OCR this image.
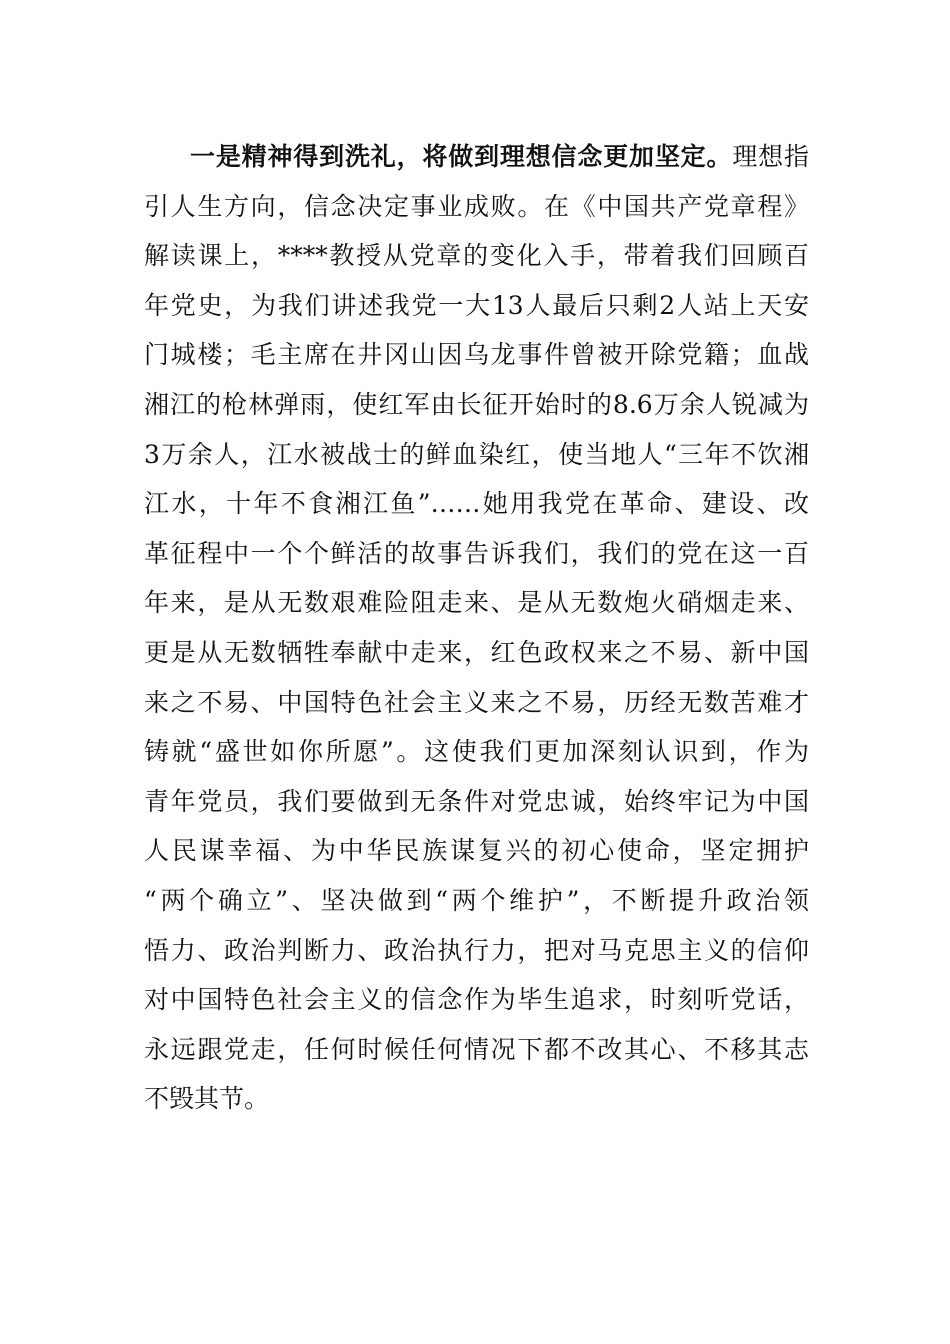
一是精神得到洗礼，将做到理想信念更加坚定。理想指
引人生方向，信念决定事业成败。在《中国共产党章程》
解读课上，****教授从党章的变化入手，带着我们回顾百
年党史，为我们讲述我党一大13人最后只剩2人站上天安
门城楼；毛主席在井冈山因乌龙事件曾被开除党籍；血战
湘江的枪林弹雨，使红军由长征开始时的8.6万余人锐减为
3万余人，江水被战士的鲜血染红，使当地人“三年不饮湘
江水，十年不食湘江鱼”……她用我党在革命、建设、改
革征程中一个个鲜活的故事告诉我们，我们的党在这一百
年来，是从无数艰难险阻走来、是从无数炮火硝烟走来、
更是从无数牺牲奉献中走来，红色政权来之不易、新中国
来之不易、中国特色社会主义来之不易，历经无数苦难才
铸就“盛世如你所愿”。这使我们更加深刻认识到，作为
青年党员，我们要做到无条件对党忠诚，始终牢记为中国
人民谋幸福、为中华民族谋复兴的初心使命，坚定拥护
“两个确立”、坚决做到“两个维护”，不断提升政治领
悟力、政治判断力、政治执行力，把对马克思主义的信仰
对中国特色社会主义的信念作为毕生追求，时刻听党话，
永远跟党走，任何时候任何情况下都不改其心、不移其志
不毁其节。
